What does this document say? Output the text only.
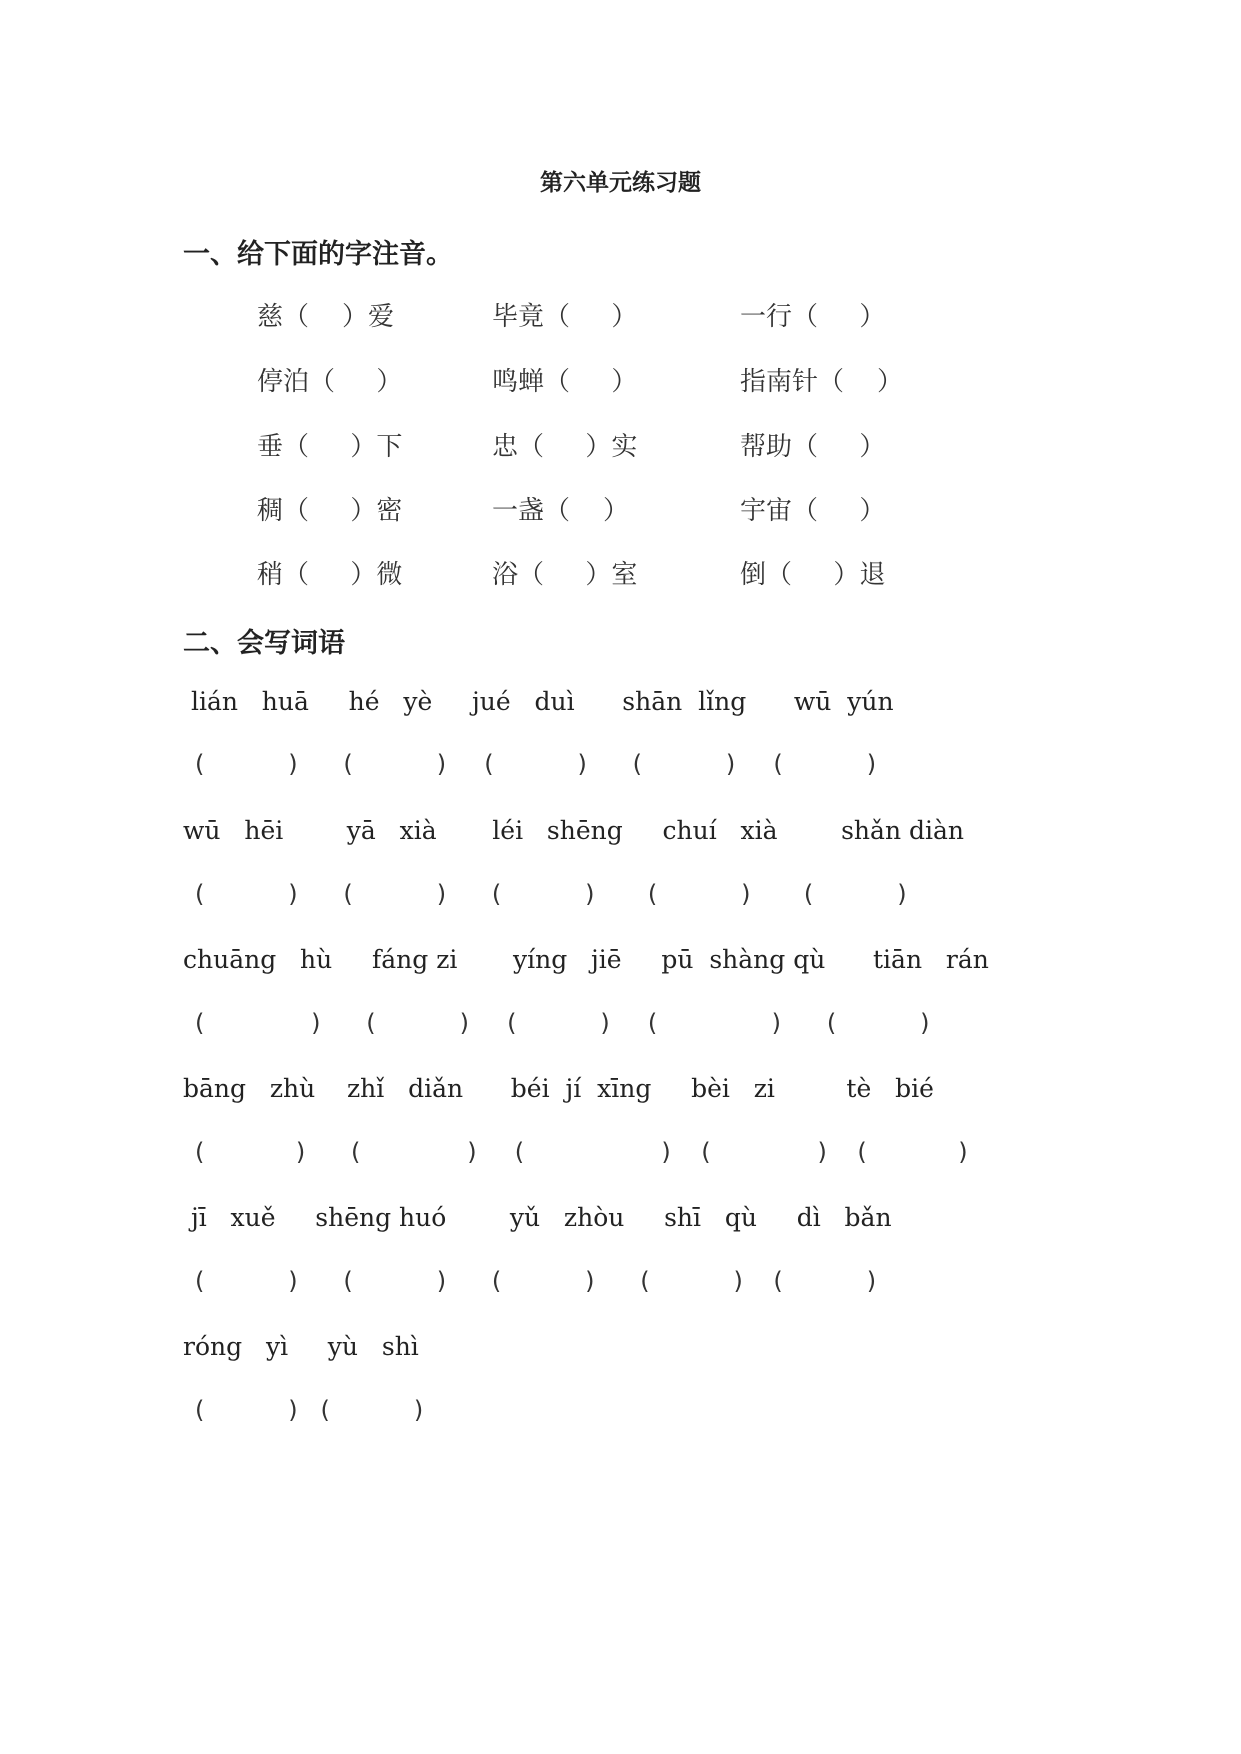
第六单元练习题
一、给下面的字注音。
慈（    ）爱	毕竟（     ）	一行（     ）
停泊（     ）	鸣蝉（     ）	指南针（    ）
垂（     ）下	忠（     ）实	帮助（     ）
稠（     ）密	一盏（    ）	宇宙（     ）
稍（     ）微	浴（     ）室	倒（     ）退
二、会写词语
lián   huā     hé   yè     jué   duì      shān  lǐng      wū  yún
(           )      (           )     (           )      (           )     (           )
wū   hēi        yā   xià       léi   shēng     chuí   xià        shǎn diàn
(           )      (           )      (           )       (           )       (           )
chuāng   hù     fáng zi       yíng   jiē     pū  shàng qù      tiān   rán
(              )      (           )     (           )     (               )      (           )
bāng   zhù    zhǐ   diǎn      béi  jí  xīng     bèi   zi         tè   bié
(            )      (              )     (                  )    (              )    (            )
jī   xuě     shēng huó        yǔ   zhòu     shī   qù     dì   bǎn
(           )      (           )      (           )      (           )    (           )
róng   yì     yù   shì
(           )   (           )
